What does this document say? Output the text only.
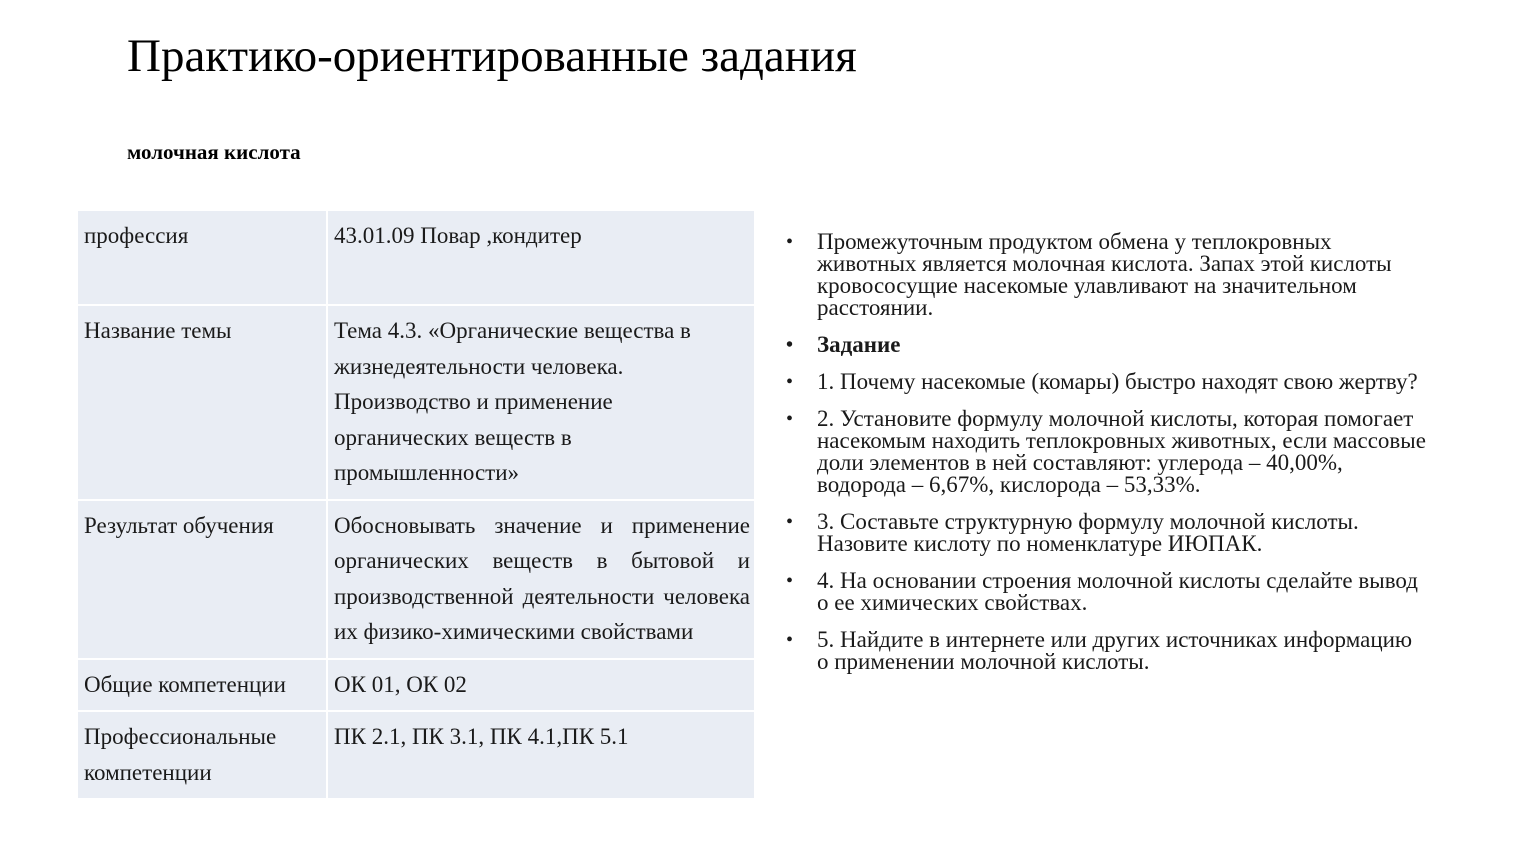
Практико-ориентированные задания
молочная кислота
профессия	43.01.09 Повар ,кондитер
Название темы	Тема 4.3. «Органические вещества в жизнедеятельности человека. Производство и применение органических веществ в промышленности»
Результат обучения	Обосновывать значение и применение органических веществ в бытовой и производственной деятельности человека их физико-химическими свойствами
Общие компетенции	ОК 01, ОК 02
Профессиональные компетенции	ПК 2.1, ПК 3.1, ПК 4.1,ПК 5.1
• Промежуточным продуктом обмена у теплокровных животных является молочная кислота. Запах этой кислоты кровососущие насекомые улавливают на значительном расстоянии.
• Задание
• 1. Почему насекомые (комары) быстро находят свою жертву?
• 2. Установите формулу молочной кислоты, которая помогает насекомым находить теплокровных животных, если массовые доли элементов в ней составляют: углерода – 40,00%, водорода – 6,67%, кислорода – 53,33%.
• 3. Составьте структурную формулу молочной кислоты. Назовите кислоту по номенклатуре ИЮПАК.
• 4. На основании строения молочной кислоты сделайте вывод о ее химических свойствах.
• 5. Найдите в интернете или других источниках информацию о применении молочной кислоты.
